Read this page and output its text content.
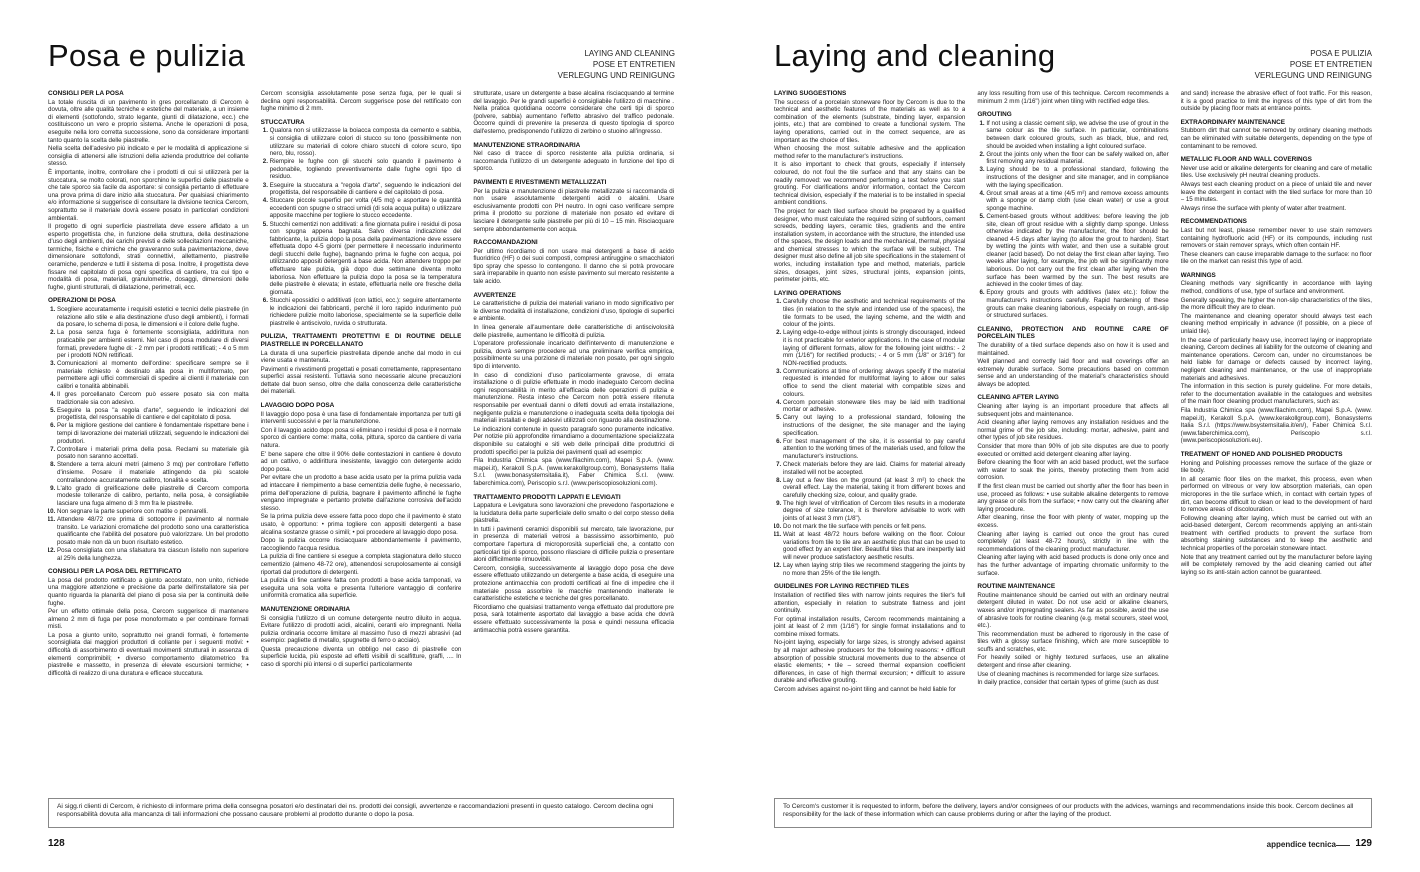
Posa e pulizia	LAYING AND CLEANING
POSE ET ENTRETIEN
VERLEGUNG UND REINIGUNG
CONSIGLI PER LA POSA

La totale riuscita di un pavimento in gres porcellanato di Cercom è dovuta, oltre alle qualità tecniche e estetiche del materiale, a un insieme di elementi (sottofondo, strato legante, giunti di dilatazione, ecc.) che costituiscono un vero e proprio sistema. Anche le operazioni di posa, eseguite nella loro corretta successione, sono da considerare importanti tanto quanto la scelta delle piastrelle.

Nella scelta dell'adesivo più indicato e per le modalità di applicazione si consiglia di attenersi alle istruzioni della azienda produttrice del collante stesso.

È importante, inoltre, controllare che i prodotti di cui si utilizzerà per la stuccatura, se molto colorati, non sporchino le superfici delle piastrelle e che tale sporco sia facile da asportare: si consiglia pertanto di effettuare una prova prima di dare inizio alla stuccatura. Per qualsiasi chiarimento e/o informazione si suggerisce di consultare la divisione tecnica Cercom, soprattutto se il materiale dovrà essere posato in particolari condizioni ambientali.

Il progetto di ogni superficie piastrellata deve essere affidato a un esperto progettista che, in funzione della struttura, della destinazione d'uso degli ambienti, dei carichi previsti e delle sollecitazioni meccaniche, termiche, fisiche e chimiche che graveranno sulla pavimentazione, deve dimensionare sottofondi, strati connettivi, allettamento, piastrelle ceramiche, pendenze e tutti il sistema di posa. Inoltre, il progettista deve fissare nel capitolato di posa ogni specifica di cantiere, tra cui tipo e modalità di posa, materiali, granulometrie, dosaggi, dimensioni delle fughe, giunti strutturali, di dilatazione, perimetrali, ecc.

OPERAZIONI DI POSA
1. Scegliere accuratamente i requisiti estetici e tecnici delle piastrelle (in relazione allo stile e alla destinazione d'uso degli ambienti), i formati da posare, lo schema di posa, le dimensioni e il colore delle fughe.
2. La posa senza fuga è fortemente sconsigliata, addirittura non praticabile per ambienti esterni. Nel caso di posa modulare di diversi formati, prevedere fughe di: - 2 mm per i prodotti rettificati; - 4 o 5 mm per i prodotti NON rettificati.
3. Comunicazioni al momento dell'ordine: specificare sempre se il materiale richiesto è destinato alla posa in multiformato, per permettere agli uffici commerciali di spedire ai clienti il materiale con calibri e tonalità abbinabili.
4. Il gres porcellanato Cercom può essere posato sia con malta tradizionale sia con adesivo.
5. Eseguire la posa "a regola d'arte", seguendo le indicazioni del progettista, del responsabile di cantiere e del capitolato di posa.
6. Per la migliore gestione del cantiere è fondamentale rispettare bene i tempi di lavorazione dei materiali utilizzati, seguendo le indicazioni dei produttori.
7. Controllare i materiali prima della posa. Reclami su materiale già posato non saranno accettati.
8. Stendere a terra alcuni metri (almeno 3 mq) per controllare l'effetto d'insieme. Posare il materiale attingendo da più scatole contrallandone accuratamente calibro, tonalità e scelta.
9. L'alto grado di greificazione delle piastrelle di Cercom comporta modeste tolleranze di calibro, pertanto, nella posa, è consigliabile lasciare una fuga almeno di 3 mm fra le piastrelle.
10. Non segnare la parte superiore con matite o pennarelli.
11. Attendere 48/72 ore prima di sottoporre il pavimento al normale transito. Le variazioni cromatiche del prodotto sono una caratteristica qualificante che l'abilità del posatore può valorizzare. Un bel prodotto posato male non dà un buon risultato estetico.
12. Posa consigliata con una sfalsatura tra ciascun listello non superiore al 25% della lunghezza.
CONSIGLI PER LA POSA DEL RETTIFICATO

La posa del prodotto rettificato a giunto accostato, non unito, richiede una maggiore attenzione e precisione da parte dell'installatore sia per quanto riguarda la planarità del piano di posa sia per la continuità delle fughe.

Per un effetto ottimale della posa, Cercom suggerisce di mantenere almeno 2 mm di fuga per pose monoformato e per combinare formati misti.

La posa a giunto unito, soprattutto nei grandi formati, è fortemente sconsigliata dai maggiori produttori di collante per i seguenti motivi: • difficoltà di assorbimento di eventuali movimenti strutturali in assenza di elementi comprimibili; • diverso comportamento dilatometrico fra piastrelle e massetto, in presenza di elevate escursioni termiche; • difficoltà di realizzo di una duratura e efficace stuccatura.

Cercom sconsiglia assolutamente pose senza fuga, per le quali si declina ogni responsabilità. Cercom suggerisce pose del rettificato con fughe minimo di 2 mm.

STUCCATURA
1. Qualora non si utilizzasse la boiacca composta da cemento e sabbia, si consiglia di utilizzare colori di stucco su tono (possibilmente non utilizzare su materiali di colore chiaro stucchi di colore scuro, tipo nero, blu, rosso).
2. Riempire le fughe con gli stucchi solo quando il pavimento è pedonabile, togliendo preventivamente dalle fughe ogni tipo di residuo.
3. Eseguire la stuccatura a "regola d'arte", seguendo le indicazioni del progettista, del responsabile di cantiere e del capitolato di posa.
4. Stuccare piccole superfici per volta (4/5 mq) e asportare le quantità eccedenti con spugne o stracci umidi (di sola acqua pulita) o utilizzare apposite macchine per togliere lo stucco eccedente.
5. Stucchi cementizi non additivati: a fine giornata pulire i residui di posa con spugna appena bagnata. Salvo diversa indicazione del fabbricante, la pulizia dopo la posa della pavimentazione deve essere effettuata dopo 4-5 giorni (per permettere il necessario indurimento degli stucchi delle fughe), bagnando prima le fughe con acqua, poi utilizzando appositi detergenti a base acida. Non attendere troppo per effettuare tale pulizia, già dopo due settimane diventa molto laboriosa. Non effettuare la pulizia dopo la posa se la temperatura delle piastrelle è elevata; in estate, effettuarla nelle ore fresche della giornata.
6. Stucchi epossidici o additivati (con lattici, ecc.): seguire attentamente le indicazioni dei fabbricanti, perché il loro rapido indurimento può richiedere pulizie molto laboriose, specialmente se la superficie delle piastrelle è antiscivolo, ruvida o strutturata.
PULIZIA, TRATTAMENTI PROTETTIVI E DI ROUTINE DELLE PIASTRELLE IN PORCELLANATO

La durata di una superficie piastrellata dipende anche dal modo in cui viene usata e mantenuta.

Pavimenti e rivestimenti progettati e posati correttamente, rappresentano superfici assai resistenti. Tuttavia sono necessarie alcune precauzioni dettate dal buon senso, oltre che dalla conoscenza delle caratteristiche dei materiali.

LAVAGGIO DOPO POSA

Il lavaggio dopo posa è una fase di fondamentale importanza per tutti gli interventi successivi e per la manutenzione.

Con il lavaggio acido dopo posa si eliminano i residui di posa e il normale sporco di cantiere come: malta, colla, pittura, sporco da cantiere di varia natura.

E' bene sapere che oltre il 90% delle contestazioni in cantiere è dovuto ad un cattivo, o addirittura inesistente, lavaggio con detergente acido dopo posa.

Per evitare che un prodotto a base acida usato per la prima pulizia vada ad intaccare il riempimento a base cementizia delle fughe, è necessario, prima dell'operazione di pulizia, bagnare il pavimento affinché le fughe vengano impregnate e pertanto protette dall'azione corrosiva dell'acido stesso.

Se la prima pulizia deve essere fatta poco dopo che il pavimento è stato usato, è opportuno: • prima togliere con appositi detergenti a base alcalina sostanze grasse o simili; • poi procedere al lavaggio dopo posa.

Dopo la pulizia occorre risciacquare abbondantemente il pavimento, raccogliendo l'acqua residua.

La pulizia di fine cantiere si esegue a completa stagionatura dello stucco cementizio (almeno 48-72 ore), attenendosi scrupolosamente ai consigli riportati dal produttore di detergenti.

La pulizia di fine cantiere fatta con prodotti a base acida tamponati, va eseguita una sola volta e presenta l'ulteriore vantaggio di conferire uniformità cromatica alla superficie.

MANUTENZIONE ORDINARIA

Si consiglia l'utilizzo di un comune detergente neutro diluito in acqua. Evitare l'utilizzo di prodotti acidi, alcalini, ceranti e/o impregnanti. Nella pulizia ordinaria occorre limitare al massimo l'uso di mezzi abrasivi (ad esempio: pagliette di metallo, spugnette di ferro o acciaio).

Questa precauzione diventa un obbligo nel caso di piastrelle con superficie lucida, più esposte ad effetti visibili di scalfitture, graffi, .... In caso di sporchi più intensi o di superfici particolarmente

strutturate, usare un detergente a base alcalina risciacquando al termine del lavaggio. Per le grandi superfici è consigliabile l'utilizzo di macchine . Nella pratica quotidiana occorre considerare che certi tipi di sporco (polvere, sabbia) aumentano l'effetto abrasivo del traffico pedonale. Occorre quindi di prevenire la presenza di questo tipologia di sporco dall'esterno, predisponendo l'utilizzo di zerbino o stuoino all'ingresso.

MANUTENZIONE STRAORDINARIA

Nel caso di tracce di sporco resistente alla pulizia ordinaria, si raccomanda l'utilizzo di un detergente adeguato in funzione del tipo di sporco.

PAVIMENTI E RIVESTIMENTI METALLIZZATI

Per la pulizia e manutenzione di piastrelle metallizzate si raccomanda di non usare assolutamente detergenti acidi o alcalini. Usare esclusivamente prodotti con PH neutro. In ogni caso verificare sempre prima il prodotto su porzione di materiale non posato ed evitare di lasciare il detergente sulle piastrelle per più di 10 – 15 min. Risciacquare sempre abbondantemente con acqua.

RACCOMANDAZIONI

Per ultimo ricordiamo di non usare mai detergenti a base di acido fluoridrico (HF) o dei suoi composti, compresi antiruggine o smacchiatori tipo spray che spesso lo contengono. Il danno che si potrà provocare sarà irreparabile in quanto non esiste pavimento sul mercato resistente a tale acido.

AVVERTENZE

Le caratteristiche di pulizia dei materiali variano in modo significativo per le diverse modalità di installazione, condizioni d'uso, tipologie di superfici e ambiente.

In linea generale all'aumentare delle caratteristiche di antiscivolosità delle piastrelle, aumentano le difficoltà di pulizia.

L'operatore professionale incaricato dell'intervento di manutenzione e pulizia, dovrà sempre procedere ad una preliminare verifica empirica, possibilmente su una porzione di materiale non posato, per ogni singolo tipo di intervento.

In caso di condizioni d'uso particolarmente gravose, di errata installazione o di pulizie effettuate in modo inadeguato Cercom declina ogni responsabilità in merito all'efficacia delle operazioni di pulizia e manutenzione. Resta inteso che Cercom non potrà essere ritenuta responsabile per eventuali danni o difetti dovuti ad errata installazione, negligente pulizia e manutenzione o inadeguata scelta della tipologia dei materiali installati e degli adesivi utilizzati con riguardo alla destinazione.

Le indicazioni contenute in questo paragrafo sono puramente indicative. Per notizie più approfondite rimandiamo a documentazione specializzata disponibile su cataloghi e siti web delle principali ditte produttrici di prodotti specifici per la pulizia dei pavimenti quali ad esempio:

Fila Industria Chimica spa (www.filachim.com), Mapei S.p.A. (www. mapei.it), Kerakoll S.p.A. (www.kerakollgroup.com), Bonasystems Italia S.r.l. (www.bonasystemsitalia.it), Faber Chimica S.r.l. (www. faberchimica.com), Periscopio s.r.l. (www.periscopiosoluzioni.com).

TRATTAMENTO PRODOTTI LAPPATI E LEVIGATI

Lappatura e Levigatura sono lavorazioni che prevedono l'asportazione e la lucidatura della parte superficiale dello smalto o del corpo stesso della piastrella.

In tutti i pavimenti ceramici disponibili sul mercato, tale lavorazione, pur in presenza di materiali vetrosi a bassissimo assorbimento, può comportare l'apertura di microporosità superficiali che, a contatto con particolari tipi di sporco, possono rilasciare di difficile pulizia o presentare aloni difficilmente rimuovibili.

Cercom, consiglia, successivamente al lavaggio dopo posa che deve essere effettuato utilizzando un detergente a base acida, di eseguire una protezione antimacchia con prodotti certificati al fine di impedire che il materiale possa assorbire le macchie mantenendo inalterate le caratteristiche estetiche e tecniche del gres porcellanato.

Ricordiamo che qualsiasi trattamento venga effettuato dal produttore pre posa, sarà totalmente asportato dal lavaggio a base acida che dovrà essere effettuato successivamente la posa e quindi nessuna efficacia antimacchia potrà essere garantita.

Ai sigg.ri clienti di Cercom, è richiesto di informare prima della consegna posatori e/o destinatari dei ns. prodotti dei consigli, avvertenze e raccomandazioni presenti in questo catalogo. Cercom declina ogni responsabilità dovuta alla mancanza di tali informazioni che possano causare problemi al prodotto durante o dopo la posa.
128
Laying and cleaning	POSA E PULIZIA
POSE ET ENTRETIEN
VERLEGUNG UND REINIGUNG
LAYING SUGGESTIONS

The success of a porcelain stoneware floor by Cercom is due to the technical and aesthetic features of the materials as well as to a combination of the elements (substrate, binding layer, expansion joints, etc.) that are combined to create a functional system. The laying operations, carried out in the correct sequence, are as important as the choice of tiles.

When choosing the most suitable adhesive and the application method refer to the manufacturer's instructions.

It is also important to check that grouts, especially if intensely coloured, do not foul the tile surface and that any stains can be readily removed: we recommend performing a test before you start grouting. For clarifications and/or information, contact the Cercom technical division, especially if the material is to be installed in special ambient conditions.

The project for each tiled surface should be prepared by a qualified designer, who must calculate the required sizing of subfloors, cement screeds, bedding layers, ceramic tiles, gradients and the entire installation system, in accordance with the structure, the intended use of the spaces, the design loads and the mechanical, thermal, physical and chemical stresses to which the surface will be subject. The designer must also define all job site specifications in the statement of works, including installation type and method, materials, particle sizes, dosages, joint sizes, structural joints, expansion joints, perimeter joints, etc.

LAYING OPERATIONS
1. Carefully choose the aesthetic and technical requirements of the tiles (in relation to the style and intended use of the spaces), the tile formats to be used, the laying scheme, and the width and colour of the joints.
2. Laying edge-to-edge without joints is strongly discouraged, indeed it is not practicable for exterior applications. In the case of modular laying of different formats, allow for the following joint widths: - 2 mm (1/16") for rectified products; - 4 or 5 mm (1/8" or 3/16") for NON-rectified products.
3. Communications at time of ordering: always specify if the material requested is intended for multiformat laying to allow our sales office to send the client material with compatible sizes and colours.
4. Cercom porcelain stoneware tiles may be laid with traditional mortar or adhesive.
5. Carry out laying to a professional standard, following the instructions of the designer, the site manager and the laying specification.
6. For best management of the site, it is essential to pay careful attention to the working times of the materials used, and follow the manufacturer's instructions.
7. Check materials before they are laid. Claims for material already installed will not be accepted.
8. Lay out a few tiles on the ground (at least 3 m²) to check the overall effect. Lay the material, taking it from different boxes and carefully checking size, colour, and quality grade.
9. The high level of vitrification of Cercom tiles results in a moderate degree of size tolerance, it is therefore advisable to work with joints of at least 3 mm (1/8").
10. Do not mark the tile surface with pencils or felt pens.
11. Wait at least 48/72 hours before walking on the floor. Colour variations from tile to tile are an aesthetic plus that can be used to good effect by an expert tiler. Beautiful tiles that are inexpertly laid will never produce satisfactory aesthetic results.
12. Lay when laying strip tiles we recommend staggering the joints by no more than 25% of the tile length.
GUIDELINES FOR LAYING RECTIFIED TILES

Installation of rectified tiles with narrow joints requires the tiler's full attention, especially in relation to substrate flatness and joint continuity.

For optimal installation results, Cercom recommends maintaining a joint at least of 2 mm (1/16") for single format installations and to combine mixed formats.

No-joint laying, especially for large sizes, is strongly advised against by all major adhesive producers for the following reasons: • difficult absorption of possible structural movements due to the absence of elastic elements; • tile – screed thermal expansion coefficient differences, in case of high thermal excursion; • difficult to assure durable and effective grouting.

Cercom advises against no-joint tiling and cannot be held liable for

any loss resulting from use of this technique. Cercom recommends a minimum 2 mm (1/16") joint when tiling with rectified edge tiles.

GROUTING
1. If not using a classic cement slip, we advise the use of grout in the same colour as the tile surface. In particular, combinations between dark coloured grouts, such as black, blue, and red, should be avoided when installing a light coloured surface.
2. Grout the joints only when the floor can be safely walked on, after first removing any residual material.
3. Laying should be to a professional standard, following the instructions of the designer and site manager, and in compliance with the laying specification.
4. Grout small areas at a time (4/5 m²) and remove excess amounts with a sponge or damp cloth (use clean water) or use a grout sponge machine.
5. Cement-based grouts without additives: before leaving the job site, clean off grout residue with a slightly damp sponge. Unless otherwise indicated by the manufacturer, the floor should be cleaned 4-5 days after laying (to allow the grout to harden). Start by wetting the joints with water, and then use a suitable grout cleaner (acid based). Do not delay the first clean after laying. Two weeks after laying, for example, the job will be significantly more laborious. Do not carry out the first clean after laying when the surface has been warmed by the sun. The best results are achieved in the cooler times of day.
6. Epoxy grouts and grouts with additives (latex etc.): follow the manufacturer's instructions carefully. Rapid hardening of these grouts can make cleaning laborious, especially on rough, anti-slip or structured surfaces.
CLEANING, PROTECTION AND ROUTINE CARE OF PORCELAIN TILES

The durability of a tiled surface depends also on how it is used and maintained.

Well planned and correctly laid floor and wall coverings offer an extremely durable surface. Some precautions based on common sense and an understanding of the material's characteristics should always be adopted.

CLEANING AFTER LAYING

Cleaning after laying is an important procedure that affects all subsequent jobs and maintenance.

Acid cleaning after laying removes any installation residues and the normal grime of the job site, including: mortar, adhesive, paint and other types of job site residues.

Consider that more than 90% of job site disputes are due to poorly executed or omitted acid detergent cleaning after laying.

Before cleaning the floor with an acid based product, wet the surface with water to soak the joints, thereby protecting them from acid corrosion.

If the first clean must be carried out shortly after the floor has been in use, proceed as follows: • use suitable alkaline detergents to remove any grease or oils from the surface; • now carry out the cleaning after laying procedure.

After cleaning, rinse the floor with plenty of water, mopping up the excess.

Cleaning after laying is carried out once the grout has cured completely (at least 48-72 hours), strictly in line with the recommendations of the cleaning product manufacturer.

Cleaning after laying with acid based products is done only once and has the further advantage of imparting chromatic uniformity to the surface.

ROUTINE MAINTENANCE

Routine maintenance should be carried out with an ordinary neutral detergent diluted in water. Do not use acid or alkaline cleaners, waxes and/or impregnating sealers. As far as possible, avoid the use of abrasive tools for routine cleaning (e.g. metal scourers, steel wool, etc.).

This recommendation must be adhered to rigorously in the case of tiles with a glossy surface finishing, which are more susceptible to scuffs and scratches, etc.

For heavily soiled or highly textured surfaces, use an alkaline detergent and rinse after cleaning.

Use of cleaning machines is recommended for large size surfaces.

In daily practice, consider that certain types of grime (such as dust

and sand) increase the abrasive effect of foot traffic. For this reason, it is a good practice to limit the ingress of this type of dirt from the outside by placing floor mats at entrance points.

EXTRAORDINARY MAINTENANCE

Stubborn dirt that cannot be removed by ordinary cleaning methods can be eliminated with suitable detergents, depending on the type of contaminant to be removed.

METALLIC FLOOR AND WALL COVERINGS

Never use acid or alkaline detergents for cleaning and care of metallic tiles. Use exclusively pH neutral cleaning products.

Always test each cleaning product on a piece of unlaid tile and never leave the detergent in contact with the tiled surface for more than 10 – 15 minutes.

Always rinse the surface with plenty of water after treatment.

RECOMMENDATIONS

Last but not least, please remember never to use stain removers containing hydrofluoric acid (HF) or its compounds, including rust removers or stain remover sprays, which often contain HF.

These cleaners can cause irreparable damage to the surface: no floor tile on the market can resist this type of acid.

WARNINGS

Cleaning methods vary significantly in accordance with laying method, conditions of use, type of surface and environment.

Generally speaking, the higher the non-slip characteristics of the tiles, the more difficult they are to clean.

The maintenance and cleaning operator should always test each cleaning method empirically in advance (if possible, on a piece of unlaid tile).

In the case of particularly heavy use, incorrect laying or inappropriate cleaning, Cercom declines all liability for the outcome of cleaning and maintenance operations. Cercom can, under no circumstances be held liable for damage or defects caused by incorrect laying, negligent cleaning and maintenance, or the use of inappropriate materials and adhesives.

The information in this section is purely guideline. For more details, refer to the documentation available in the catalogues and websites of the main floor cleaning product manufacturers, such as:

Fila Industria Chimica spa (www.filachim.com), Mapei S.p.A. (www. mapei.it), Kerakoll S.p.A. (www.kerakollgroup.com), Bonasystems Italia S.r.l. (https://www.bsystemsitalia.it/en/), Faber Chimica S.r.l. (www.faberchimica.com), Periscopio s.r.l. (www.periscopiosoluzioni.eu).

TREATMENT OF HONED AND POLISHED PRODUCTS

Honing and Polishing processes remove the surface of the glaze or tile body.

In all ceramic floor tiles on the market, this process, even when performed on vitreous or very low absorption materials, can open micropores in the tile surface which, in contact with certain types of dirt, can become difficult to clean or lead to the development of hard to remove areas of discolouration.

Following cleaning after laying, which must be carried out with an acid-based detergent, Cercom recommends applying an anti-stain treatment with certified products to prevent the surface from absorbing staining substances and to keep the aesthetic and technical properties of the porcelain stoneware intact.

Note that any treatment carried out by the manufacturer before laying will be completely removed by the acid cleaning carried out after laying so its anti-stain action cannot be guaranteed.

To Cercom's customer it is requested to inform, before the delivery, layers and/or consignees of our products with the advices, warnings and recommendations inside this book. Cercom declines all responsibility for the lack of these information which can cause problems during or after the laying of the product.
appendice tecnica 129
